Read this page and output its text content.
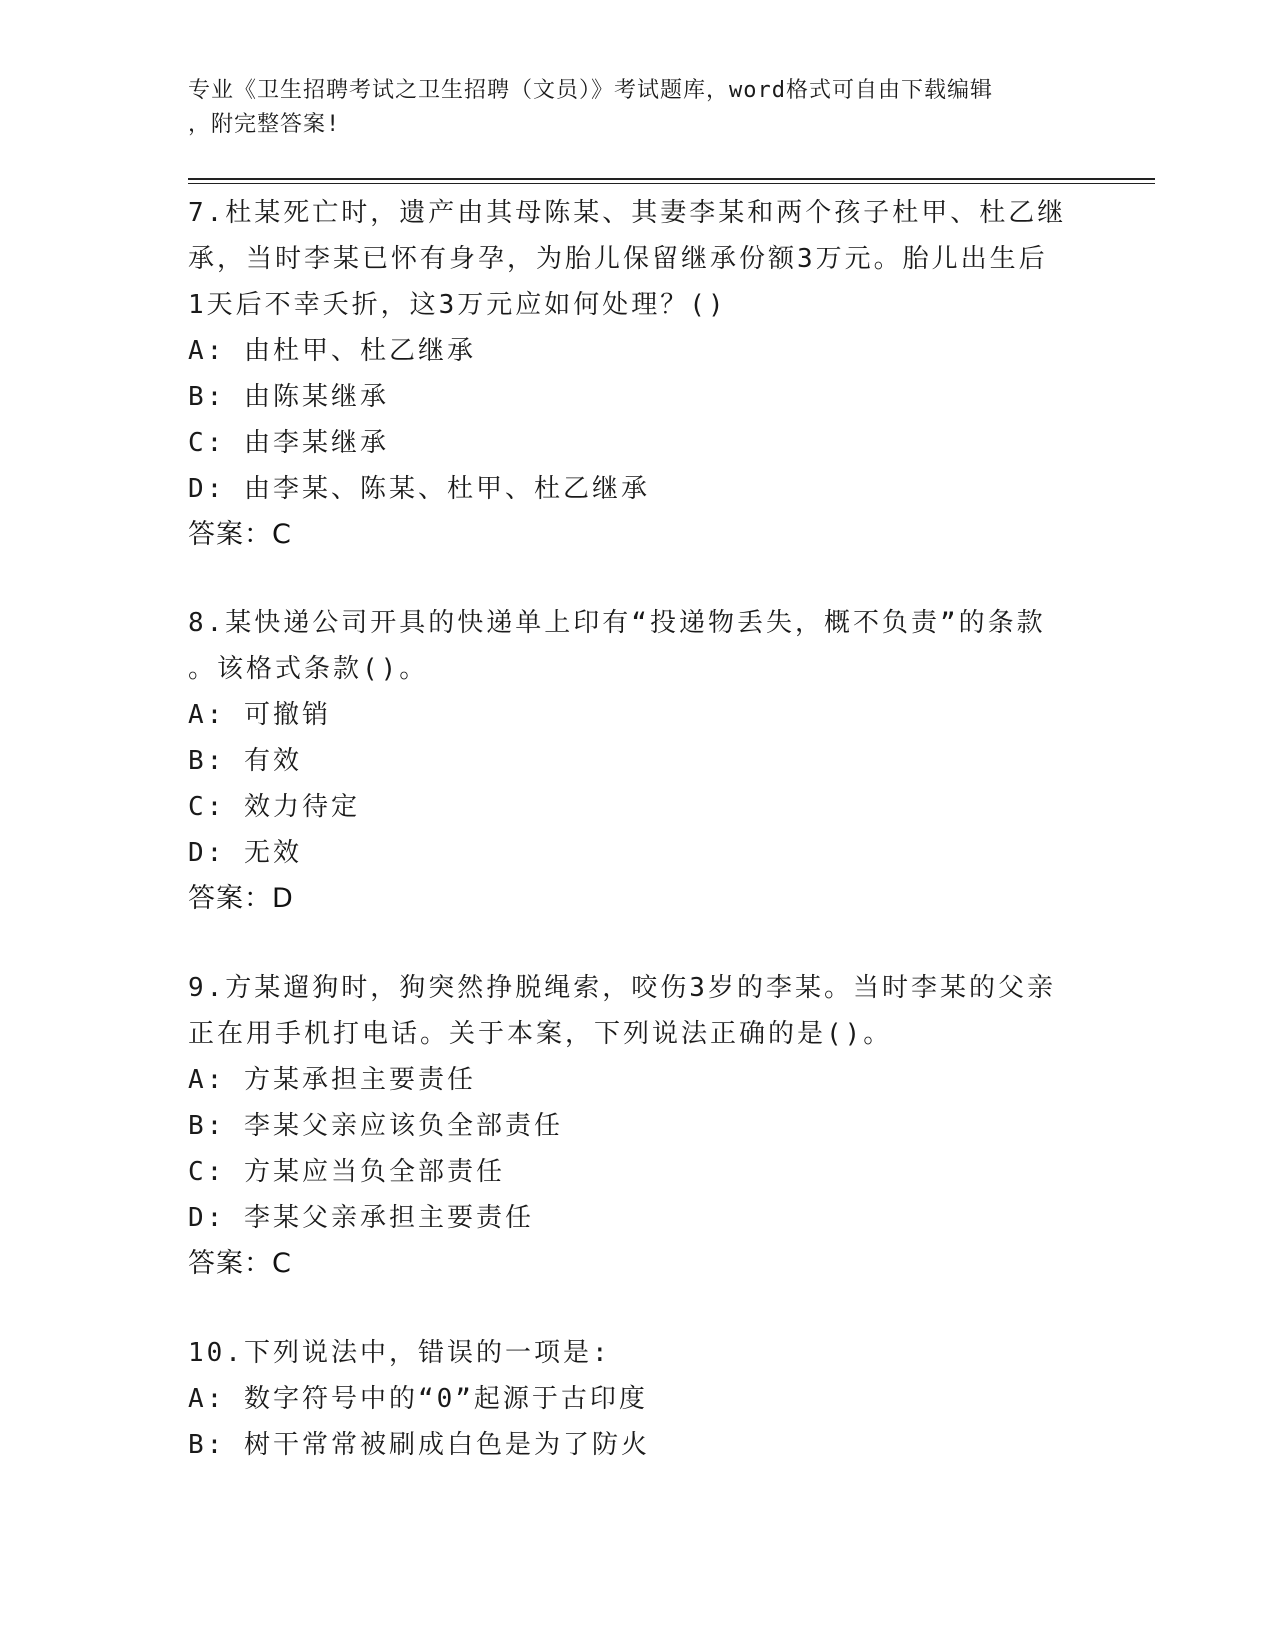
专业《卫生招聘考试之卫生招聘（文员）》考试题库，word格式可自由下载编辑
，附完整答案!

7.杜某死亡时，遗产由其母陈某、其妻李某和两个孩子杜甲、杜乙继

承，当时李某已怀有身孕，为胎儿保留继承份额3万元。胎儿出生后

1天后不幸夭折，这3万元应如何处理？()

A: 由杜甲、杜乙继承

B: 由陈某继承

C: 由李某继承

D: 由李某、陈某、杜甲、杜乙继承

答案：C

8.某快递公司开具的快递单上印有“投递物丢失，概不负责”的条款

。该格式条款()。

A: 可撤销

B: 有效

C: 效力待定

D: 无效

答案：D

9.方某遛狗时，狗突然挣脱绳索，咬伤3岁的李某。当时李某的父亲

正在用手机打电话。关于本案，下列说法正确的是()。

A: 方某承担主要责任

B: 李某父亲应该负全部责任

C: 方某应当负全部责任

D: 李某父亲承担主要责任

答案：C

10.下列说法中，错误的一项是:

A: 数字符号中的“0”起源于古印度

B: 树干常常被刷成白色是为了防火
